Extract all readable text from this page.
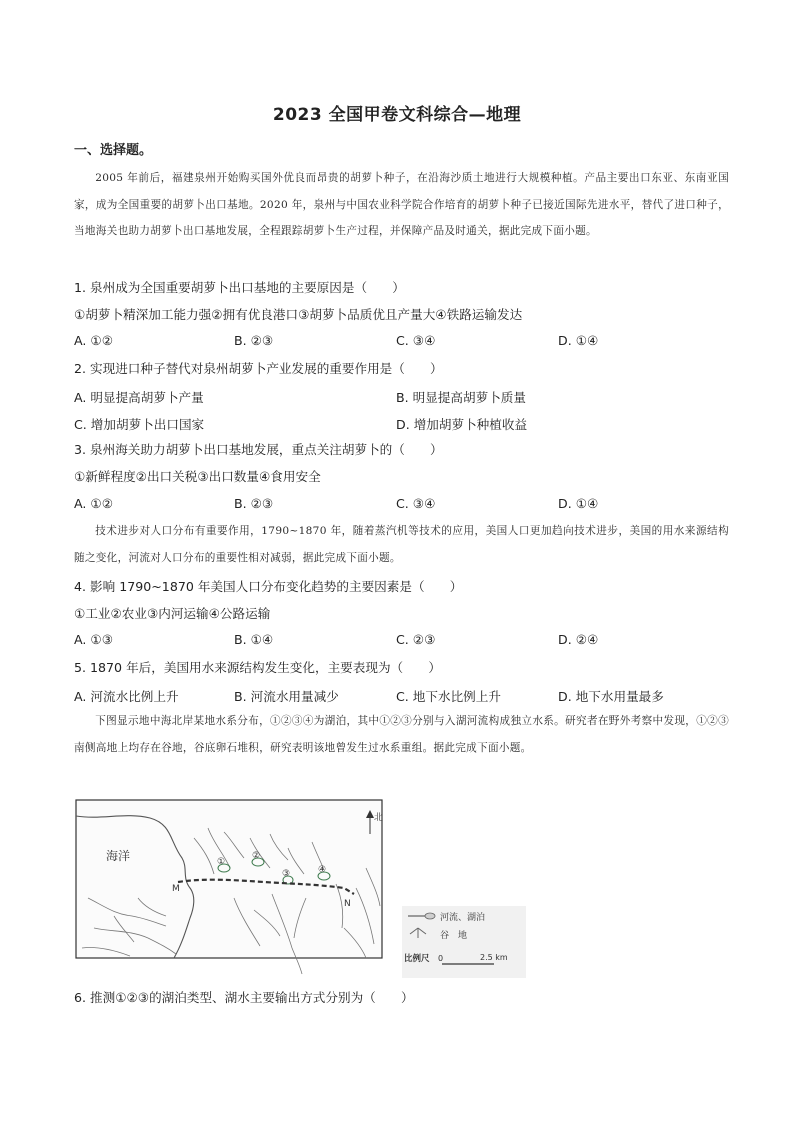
2023 全国甲卷文科综合—地理
一、选择题。
2005 年前后，福建泉州开始购买国外优良而昂贵的胡萝卜种子，在沿海沙质土地进行大规模种植。产品主要出口东亚、东南亚国家，成为全国重要的胡萝卜出口基地。2020 年，泉州与中国农业科学院合作培育的胡萝卜种子已接近国际先进水平，替代了进口种子，当地海关也助力胡萝卜出口基地发展，全程跟踪胡萝卜生产过程，并保障产品及时通关，据此完成下面小题。
1. 泉州成为全国重要胡萝卜出口基地的主要原因是（　　）
①胡萝卜精深加工能力强②拥有优良港口③胡萝卜品质优且产量大④铁路运输发达
A. ①②	B. ②③	C. ③④	D. ①④
2. 实现进口种子替代对泉州胡萝卜产业发展的重要作用是（　　）
A. 明显提高胡萝卜产量	B. 明显提高胡萝卜质量
C. 增加胡萝卜出口国家	D. 增加胡萝卜种植收益
3. 泉州海关助力胡萝卜出口基地发展，重点关注胡萝卜的（　　）
①新鲜程度②出口关税③出口数量④食用安全
A. ①②	B. ②③	C. ③④	D. ①④
技术进步对人口分布有重要作用，1790~1870 年，随着蒸汽机等技术的应用，美国人口更加趋向技术进步，美国的用水来源结构随之变化，河流对人口分布的重要性相对减弱，据此完成下面小题。
4. 影响 1790~1870 年美国人口分布变化趋势的主要因素是（　　）
①工业②农业③内河运输④公路运输
A. ①③	B. ①④	C. ②③	D. ②④
5. 1870 年后，美国用水来源结构发生变化，主要表现为（　　）
A. 河流水比例上升	B. 河流水用量减少	C. 地下水比例上升	D. 地下水用量最多
下图显示地中海北岸某地水系分布，①②③④为湖泊，其中①②③分别与入湖河流构成独立水系。研究者在野外考察中发现，①②③南侧高地上均存在谷地，谷底卵石堆积，研究表明该地曾发生过水系重组。据此完成下面小题。
北
海洋
M
N
①
②
③	④
河流、湖泊
谷　地
比例尺 0	2.5 km
6. 推测①②③的湖泊类型、湖水主要输出方式分别为（　　）
